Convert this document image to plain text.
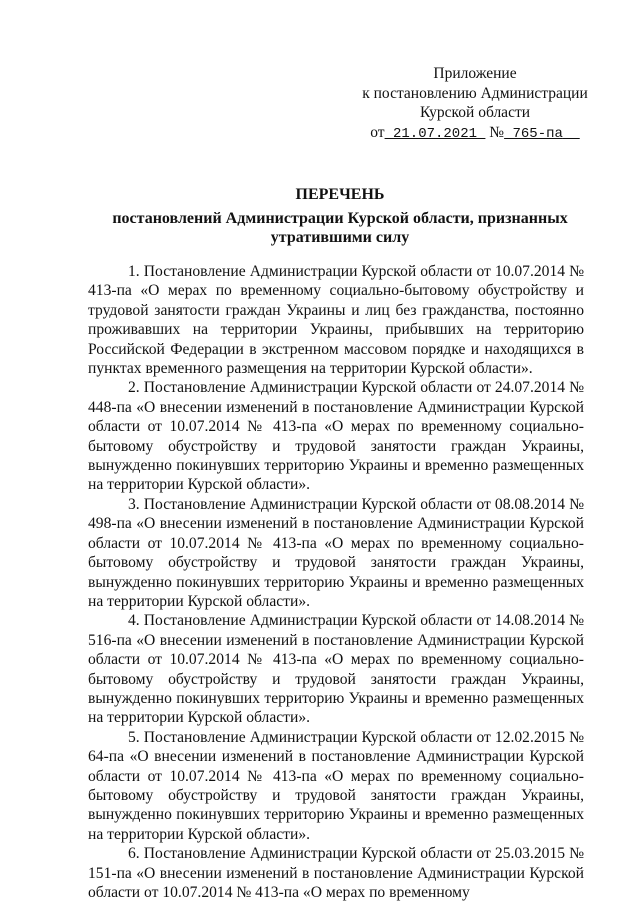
Приложение
к постановлению Администрации
Курской области
от 21.07.2021 № 765-па
ПЕРЕЧЕНЬ
постановлений Администрации Курской области, признанных
утратившими силу

1. Постановление Администрации Курской области от 10.07.2014 № 413-па «О мерах по временному социально-бытовому обустройству и трудовой занятости граждан Украины и лиц без гражданства, постоянно проживавших на территории Украины, прибывших на территорию Российской Федерации в экстренном массовом порядке и находящихся в пунктах временного размещения на территории Курской области».

2. Постановление Администрации Курской области от 24.07.2014 № 448-па «О внесении изменений в постановление Администрации Курской области от 10.07.2014 № 413-па «О мерах по временному социально-бытовому обустройству и трудовой занятости граждан Украины, вынужденно покинувших территорию Украины и временно размещенных на территории Курской области».

3. Постановление Администрации Курской области от 08.08.2014 № 498-па «О внесении изменений в постановление Администрации Курской области от 10.07.2014 № 413-па «О мерах по временному социально-бытовому обустройству и трудовой занятости граждан Украины, вынужденно покинувших территорию Украины и временно размещенных на территории Курской области».

4. Постановление Администрации Курской области от 14.08.2014 № 516-па «О внесении изменений в постановление Администрации Курской области от 10.07.2014 № 413-па «О мерах по временному социально-бытовому обустройству и трудовой занятости граждан Украины, вынужденно покинувших территорию Украины и временно размещенных на территории Курской области».

5. Постановление Администрации Курской области от 12.02.2015 № 64-па «О внесении изменений в постановление Администрации Курской области от 10.07.2014 № 413-па «О мерах по временному социально-бытовому обустройству и трудовой занятости граждан Украины, вынужденно покинувших территорию Украины и временно размещенных на территории Курской области».

6. Постановление Администрации Курской области от 25.03.2015 № 151-па «О внесении изменений в постановление Администрации Курской области от 10.07.2014 № 413-па «О мерах по временному
